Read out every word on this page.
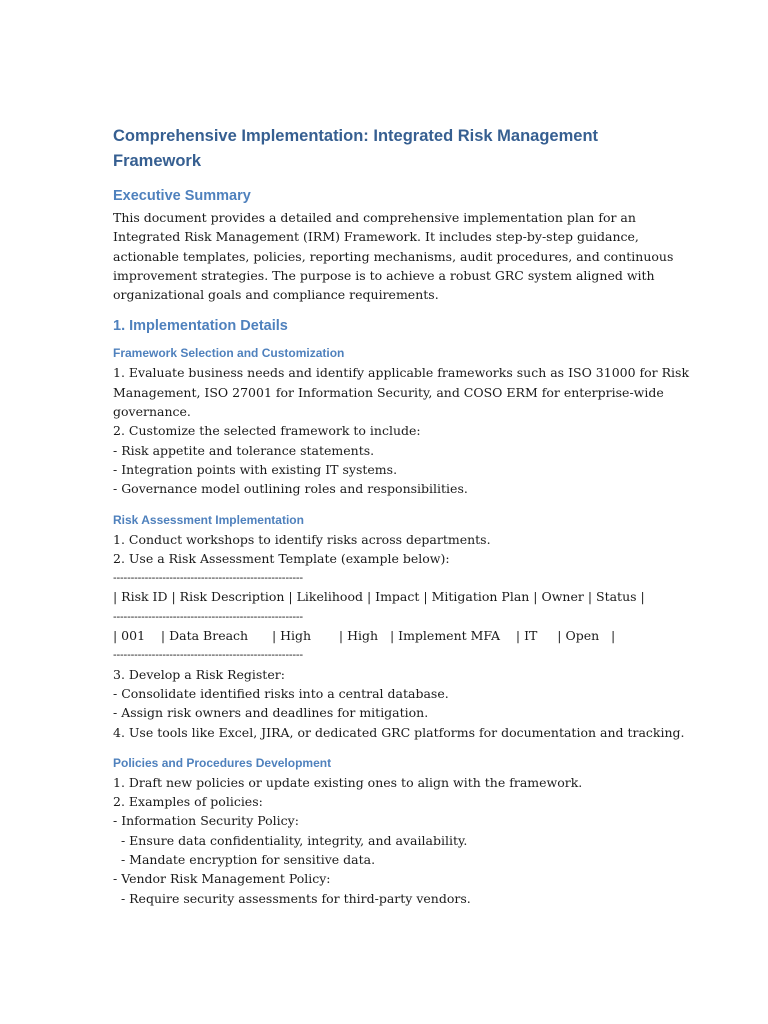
Comprehensive Implementation: Integrated Risk Management
Framework
Executive Summary
This document provides a detailed and comprehensive implementation plan for an
Integrated Risk Management (IRM) Framework. It includes step-by-step guidance,
actionable templates, policies, reporting mechanisms, audit procedures, and continuous
improvement strategies. The purpose is to achieve a robust GRC system aligned with
organizational goals and compliance requirements.
1. Implementation Details
Framework Selection and Customization
1. Evaluate business needs and identify applicable frameworks such as ISO 31000 for Risk
Management, ISO 27001 for Information Security, and COSO ERM for enterprise-wide
governance.
2. Customize the selected framework to include:
- Risk appetite and tolerance statements.
- Integration points with existing IT systems.
- Governance model outlining roles and responsibilities.
Risk Assessment Implementation
1. Conduct workshops to identify risks across departments.
2. Use a Risk Assessment Template (example below):
------------------------------------------------------
| Risk ID | Risk Description | Likelihood | Impact | Mitigation Plan | Owner | Status |
------------------------------------------------------
| 001    | Data Breach      | High       | High   | Implement MFA    | IT     | Open   |
------------------------------------------------------
3. Develop a Risk Register:
- Consolidate identified risks into a central database.
- Assign risk owners and deadlines for mitigation.
4. Use tools like Excel, JIRA, or dedicated GRC platforms for documentation and tracking.
Policies and Procedures Development
1. Draft new policies or update existing ones to align with the framework.
2. Examples of policies:
- Information Security Policy:
- Ensure data confidentiality, integrity, and availability.
- Mandate encryption for sensitive data.
- Vendor Risk Management Policy:
- Require security assessments for third-party vendors.
